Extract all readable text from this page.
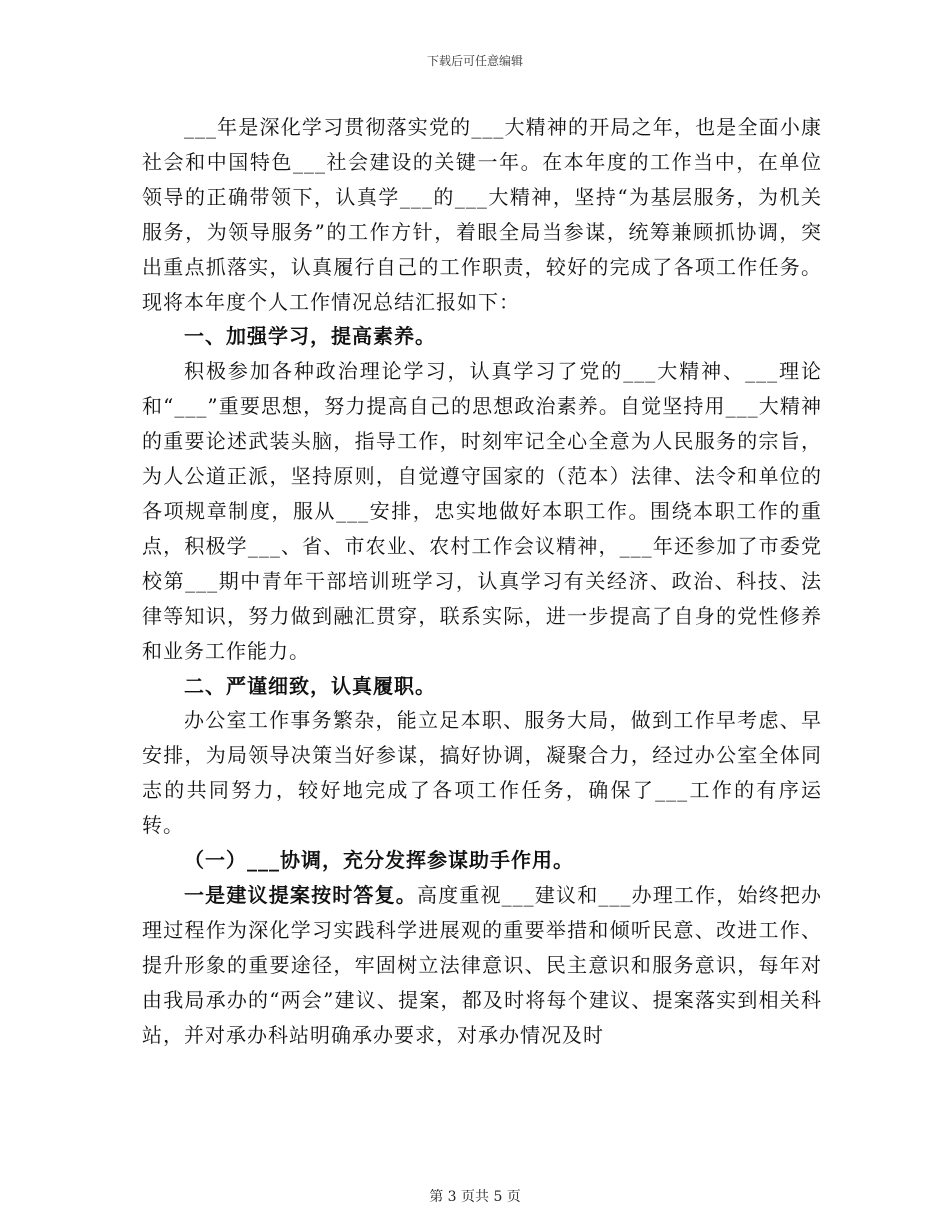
下载后可任意编辑

___年是深化学习贯彻落实党的___大精神的开局之年，也是全面小康社会和中国特色___社会建设的关键一年。在本年度的工作当中，在单位领导的正确带领下，认真学___的___大精神，坚持“为基层服务，为机关服务，为领导服务”的工作方针，着眼全局当参谋，统筹兼顾抓协调，突出重点抓落实，认真履行自己的工作职责，较好的完成了各项工作任务。现将本年度个人工作情况总结汇报如下：

一、加强学习，提高素养。

积极参加各种政治理论学习，认真学习了党的___大精神、___理论和“___”重要思想，努力提高自己的思想政治素养。自觉坚持用___大精神的重要论述武装头脑，指导工作，时刻牢记全心全意为人民服务的宗旨，为人公道正派，坚持原则，自觉遵守国家的（范本）法律、法令和单位的各项规章制度，服从___安排，忠实地做好本职工作。围绕本职工作的重点，积极学___、省、市农业、农村工作会议精神，___年还参加了市委党校第___期中青年干部培训班学习，认真学习有关经济、政治、科技、法律等知识，努力做到融汇贯穿，联系实际，进一步提高了自身的党性修养和业务工作能力。

二、严谨细致，认真履职。

办公室工作事务繁杂，能立足本职、服务大局，做到工作早考虑、早安排，为局领导决策当好参谋，搞好协调，凝聚合力，经过办公室全体同志的共同努力，较好地完成了各项工作任务，确保了___工作的有序运转。

（一）___协调，充分发挥参谋助手作用。

一是建议提案按时答复。高度重视___建议和___办理工作，始终把办理过程作为深化学习实践科学进展观的重要举措和倾听民意、改进工作、提升形象的重要途径，牢固树立法律意识、民主意识和服务意识，每年对由我局承办的“两会”建议、提案，都及时将每个建议、提案落实到相关科站，并对承办科站明确承办要求，对承办情况及时

第 3 页共 5 页
